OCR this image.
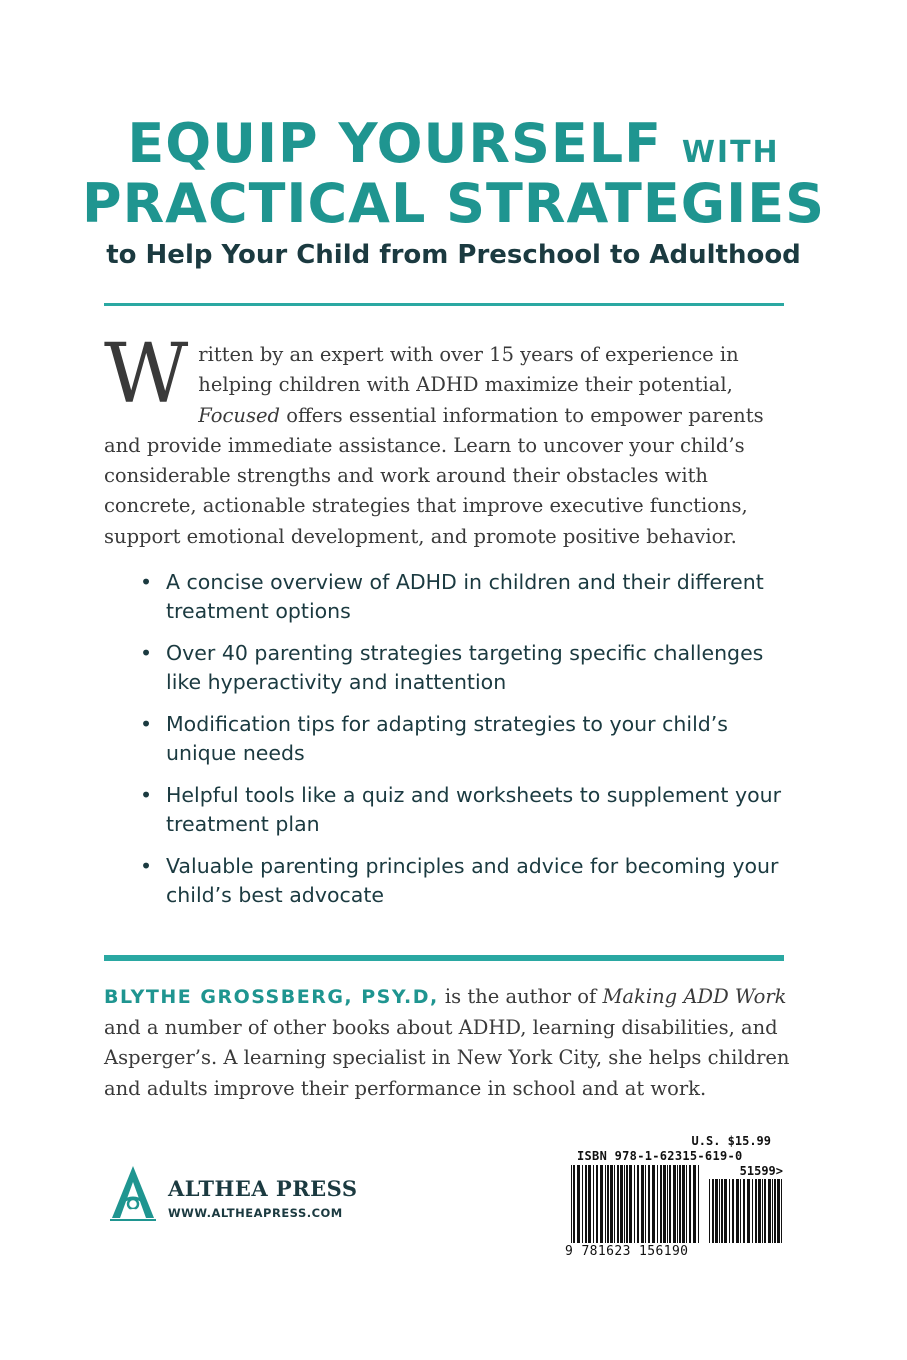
EQUIP YOURSELF WITH
PRACTICAL STRATEGIES
to Help Your Child from Preschool to Adulthood

Written by an expert with over 15 years of experience in helping children with ADHD maximize their potential, Focused offers essential information to empower parents and provide immediate assistance. Learn to uncover your child’s considerable strengths and work around their obstacles with concrete, actionable strategies that improve executive functions, support emotional development, and promote positive behavior.

• A concise overview of ADHD in children and their different treatment options
• Over 40 parenting strategies targeting specific challenges like hyperactivity and inattention
• Modification tips for adapting strategies to your child’s unique needs
• Helpful tools like a quiz and worksheets to supplement your treatment plan
• Valuable parenting principles and advice for becoming your child’s best advocate

BLYTHE GROSSBERG, PSY.D, is the author of Making ADD Work and a number of other books about ADHD, learning disabilities, and Asperger’s. A learning specialist in New York City, she helps children and adults improve their performance in school and at work.

ALTHEA PRESS
WWW.ALTHEAPRESS.COM
U.S. $15.99
ISBN 978-1-62315-619-0
51599>
9 781623 156190
